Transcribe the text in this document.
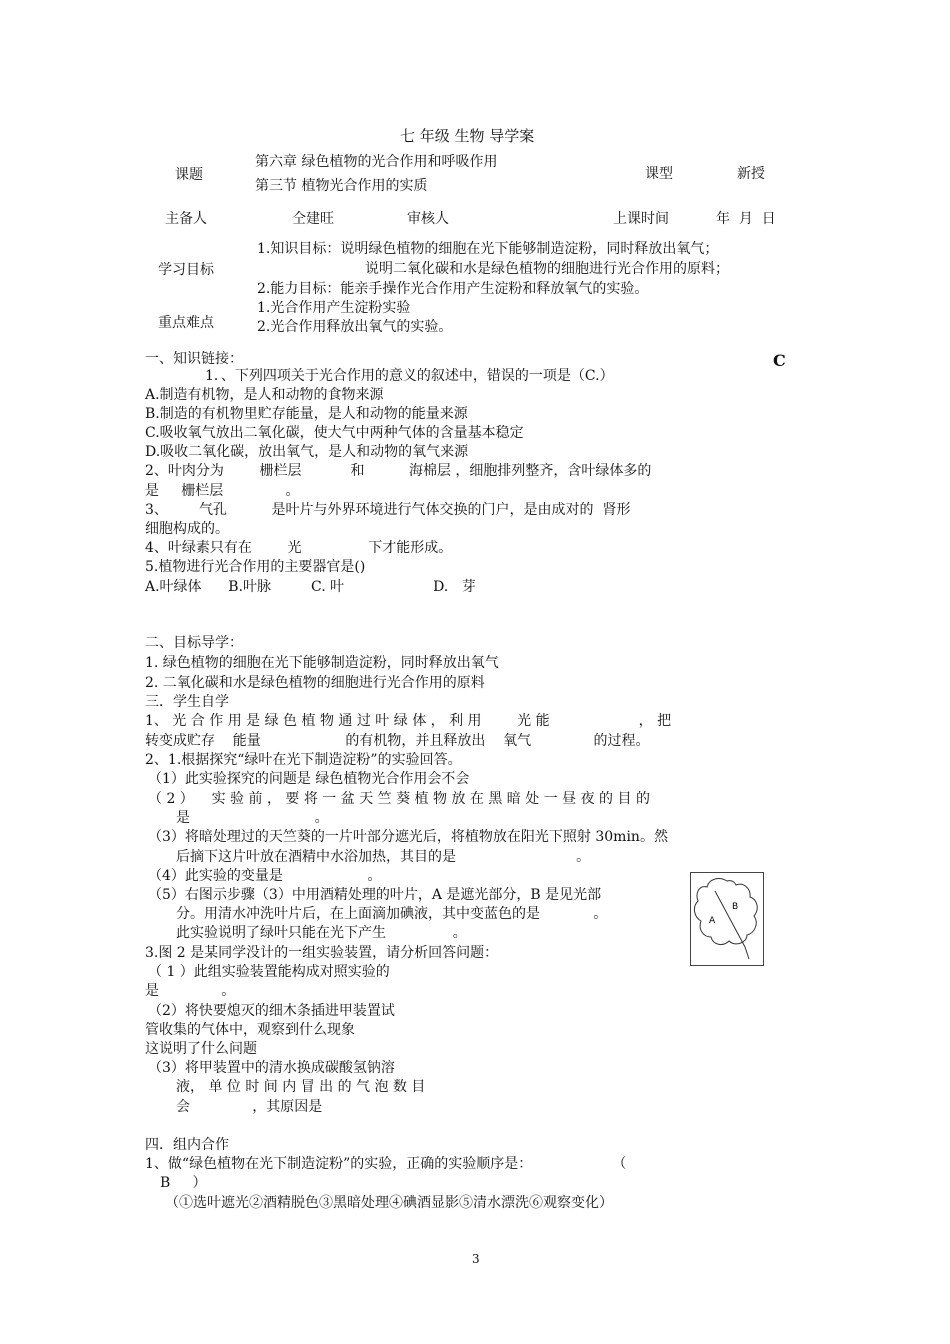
七 年级 生物 导学案
课题
第六章 绿色植物的光合作用和呼吸作用
第三节 植物光合作用的实质
课型	新授
主备人	仝建旺	审核人	上课时间	年  月  日
学习目标
1.知识目标：说明绿色植物的细胞在光下能够制造淀粉，同时释放出氧气；
说明二氧化碳和水是绿色植物的细胞进行光合作用的原料；
2.能力目标：能亲手操作光合作用产生淀粉和释放氧气的实验。
重点难点
1.光合作用产生淀粉实验
2.光合作用释放出氧气的实验。
一、知识链接：	C
1．、下列四项关于光合作用的意义的叙述中，错误的一项是（C.）
A.制造有机物，是人和动物的食物来源
B.制造的有机物里贮存能量，是人和动物的能量来源
C.吸收氧气放出二氧化碳，使大气中两种气体的含量基本稳定
D.吸收二氧化碳，放出氧气，是人和动物的氧气来源
2、叶肉分为        栅栏层           和          海棉层 ，细胞排列整齐，含叶绿体多的
是     栅栏层              。
3、       气孔          是叶片与外界环境进行气体交换的门户，是由成对的  肾形
细胞构成的。
4、叶绿素只有在        光               下才能形成。
5.植物进行光合作用的主要器官是()
A.叶绿体      B.叶脉         C. 叶                    D.   芽
二、目标导学：
1. 绿色植物的细胞在光下能够制造淀粉，同时释放出氧气
2. 二氧化碳和水是绿色植物的细胞进行光合作用的原料
三．学生自学
1、 光 合 作 用 是 绿 色 植 物 通 过 叶 绿 体 ， 利 用        光 能                    ， 把
转变成贮存    能量                   的有机物，并且释放出    氧气              的过程。
2、1.根据探究“绿叶在光下制造淀粉”的实验回答。
（1）此实验探究的问题是 绿色植物光合作用会不会
（ 2 ）    实 验 前 ， 要 将 一 盆 天 竺 葵 植 物 放 在 黑 暗 处 一 昼 夜 的 目 的
是                            。
（3）将暗处理过的天竺葵的一片叶部分遮光后，将植物放在阳光下照射 30min。然
后摘下这片叶放在酒精中水浴加热，其目的是                           。
（4）此实验的变量是                   。
（5）右图示步骤（3）中用酒精处理的叶片，A 是遮光部分，B 是见光部
分。用清水冲洗叶片后，在上面滴加碘液，其中变蓝色的是            。
此实验说明了绿叶只能在光下产生               。
A
B
3.图 2 是某同学没计的一组实验装置，请分析回答问题：
（ 1 ）此组实验装置能构成对照实验的
是              。
（2）将快要熄灭的细木条插进甲装置试
管收集的气体中，观察到什么现象
这说明了什么问题
（3）将甲装置中的清水换成碳酸氢钠溶
液， 单 位 时 间 内 冒 出 的 气 泡 数 目
会              ，其原因是
四．组内合作
1、做“绿色植物在光下制造淀粉”的实验，正确的实验顺序是：                  （
B     ）
（①选叶遮光②酒精脱色③黑暗处理④碘酒显影⑤清水漂洗⑥观察变化）
3
